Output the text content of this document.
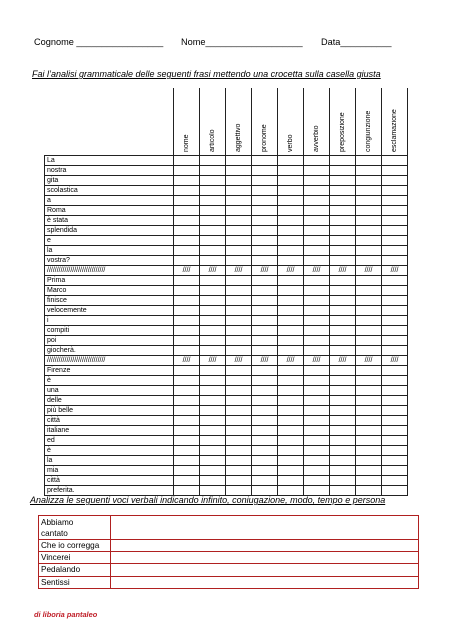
Cognome _________________ Nome___________________ Data__________
Fai l’analisi grammaticale delle seguenti frasi mettendo una crocetta sulla casella giusta
	nome	articolo	aggettivo	pronome	verbo	avverbio	preposizione	congiunzione	esclamazione
La									
nostra									
gita									
scolastica									
a									
Roma									
è stata									
splendida									
e									
la									
vostra?									
//////////////////////////////	////	////	////	////	////	////	////	////	////
Prima									
Marco									
finisce									
velocemente									
i									
compiti									
poi									
giocherà.									
//////////////////////////////	////	////	////	////	////	////	////	////	////
Firenze									
è									
una									
delle									
più belle									
città									
italiane									
ed									
è									
la									
mia									
città									
preferita.									
Analizza le seguenti voci verbali indicando infinito, coniugazione, modo, tempo e persona
Abbiamo
cantato	

Che io corregga	

Vincerei	

Pedalando	

Sentissi	

di liboria pantaleo
